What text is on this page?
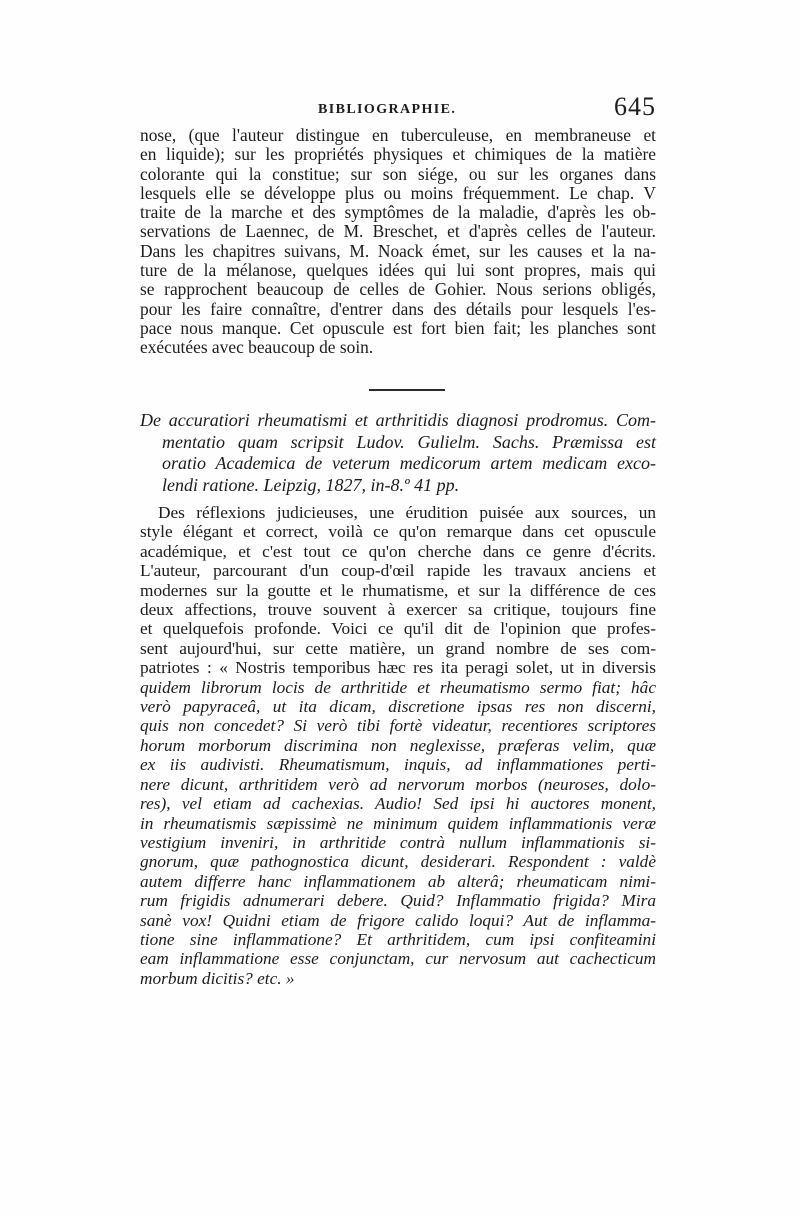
BIBLIOGRAPHIE.	645
nose, (que l'auteur distingue en tuberculeuse, en membraneuse et
en liquide); sur les propriétés physiques et chimiques de la matière
colorante qui la constitue; sur son siége, ou sur les organes dans
lesquels elle se développe plus ou moins fréquemment. Le chap. V
traite de la marche et des symptômes de la maladie, d'après les ob-
servations de Laennec, de M. Breschet, et d'après celles de l'auteur.
Dans les chapitres suivans, M. Noack émet, sur les causes et la na-
ture de la mélanose, quelques idées qui lui sont propres, mais qui
se rapprochent beaucoup de celles de Gohier. Nous serions obligés,
pour les faire connaître, d'entrer dans des détails pour lesquels l'es-
pace nous manque. Cet opuscule est fort bien fait; les planches sont
exécutées avec beaucoup de soin.
De accuratiori rheumatismi et arthritidis diagnosi prodromus. Com-
mentatio quam scripsit Ludov. Gulielm. Sachs. Præmissa est
oratio Academica de veterum medicorum artem medicam exco-
lendi ratione. Leipzig, 1827, in-8.º 41 pp.
Des réflexions judicieuses, une érudition puisée aux sources, un
style élégant et correct, voilà ce qu'on remarque dans cet opuscule
académique, et c'est tout ce qu'on cherche dans ce genre d'écrits.
L'auteur, parcourant d'un coup-d'œil rapide les travaux anciens et
modernes sur la goutte et le rhumatisme, et sur la différence de ces
deux affections, trouve souvent à exercer sa critique, toujours fine
et quelquefois profonde. Voici ce qu'il dit de l'opinion que profes-
sent aujourd'hui, sur cette matière, un grand nombre de ses com-
patriotes : « Nostris temporibus hæc res ita peragi solet, ut in diversis
quidem librorum locis de arthritide et rheumatismo sermo fiat; hâc
verò papyraceâ, ut ita dicam, discretione ipsas res non discerni,
quis non concedet? Si verò tibi fortè videatur, recentiores scriptores
horum morborum discrimina non neglexisse, præferas velim, quæ
ex iis audivisti. Rheumatismum, inquis, ad inflammationes perti-
nere dicunt, arthritidem verò ad nervorum morbos (neuroses, dolo-
res), vel etiam ad cachexias. Audio! Sed ipsi hi auctores monent,
in rheumatismis sæpissimè ne minimum quidem inflammationis veræ
vestigium inveniri, in arthritide contrà nullum inflammationis si-
gnorum, quæ pathognostica dicunt, desiderari. Respondent : valdè
autem differre hanc inflammationem ab alterâ; rheumaticam nimi-
rum frigidis adnumerari debere. Quid? Inflammatio frigida? Mira
sanè vox! Quidni etiam de frigore calido loqui? Aut de inflamma-
tione sine inflammatione? Et arthritidem, cum ipsi confiteamini
eam inflammatione esse conjunctam, cur nervosum aut cachecticum
morbum dicitis? etc. »
